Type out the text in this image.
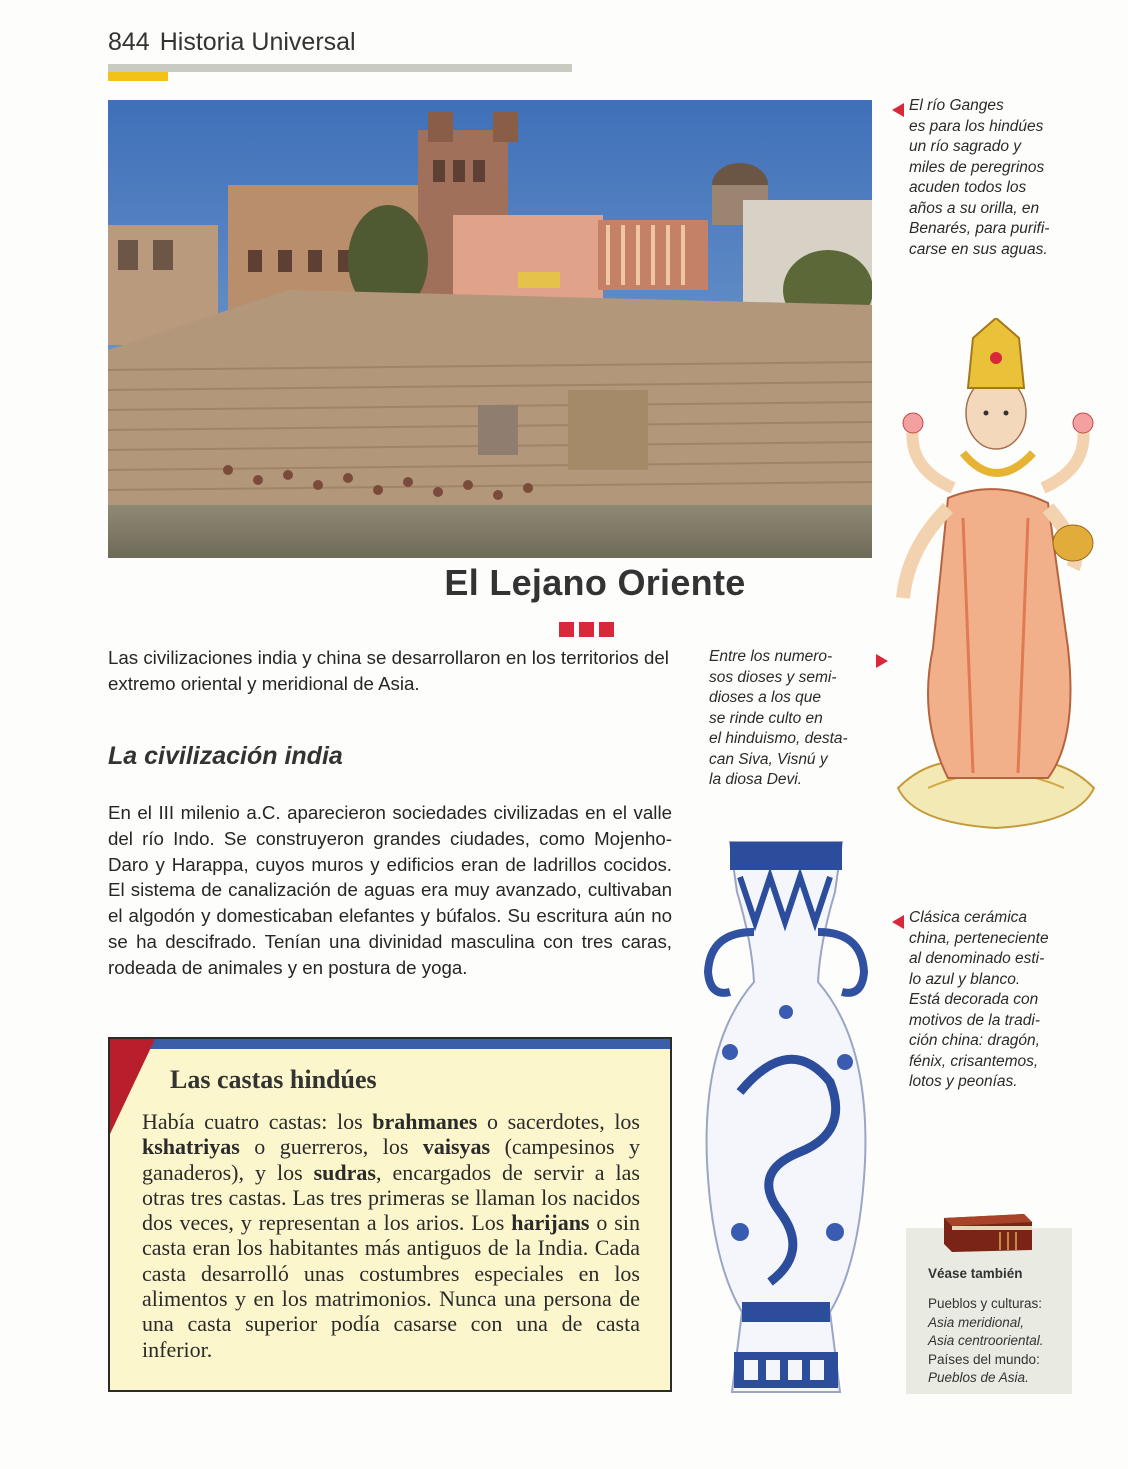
844 Historia Universal
El río Ganges
es para los hindúes
un río sagrado y
miles de peregrinos
acuden todos los
años a su orilla, en
Benarés, para purifi-
carse en sus aguas.
El Lejano Oriente
Las civilizaciones india y china se desarrollaron en los territorios del extremo oriental y meridional de Asia.
Entre los numero-
sos dioses y semi-
dioses a los que
se rinde culto en
el hinduismo, desta-
can Siva, Visnú y
la diosa Devi.
La civilización india
En el III milenio a.C. aparecieron sociedades civilizadas en el valle del río Indo. Se construyeron grandes ciudades, como Mojenho-Daro y Harappa, cuyos muros y edificios eran de ladrillos cocidos. El sistema de canalización de aguas era muy avanzado, cultivaban el algodón y domesticaban elefantes y búfalos. Su escritura aún no se ha descifrado. Tenían una divinidad masculina con tres caras, rodeada de animales y en postura de yoga.
Las castas hindúes
Había cuatro castas: los brahmanes o sacerdotes, los kshatriyas o guerreros, los vaisyas (campesinos y ganaderos), y los sudras, encargados de servir a las otras tres castas. Las tres primeras se llaman los nacidos dos veces, y representan a los arios. Los harijans o sin casta eran los habitantes más antiguos de la India. Cada casta desarrolló unas costumbres especiales en los alimentos y en los matrimonios. Nunca una persona de una casta superior podía casarse con una de casta inferior.
Clásica cerámica
china, perteneciente
al denominado esti-
lo azul y blanco.
Está decorada con
motivos de la tradi-
ción china: dragón,
fénix, crisantemos,
lotos y peonías.
Véase también
Pueblos y culturas:
Asia meridional,
Asia centrooriental.
Países del mundo:
Pueblos de Asia.
